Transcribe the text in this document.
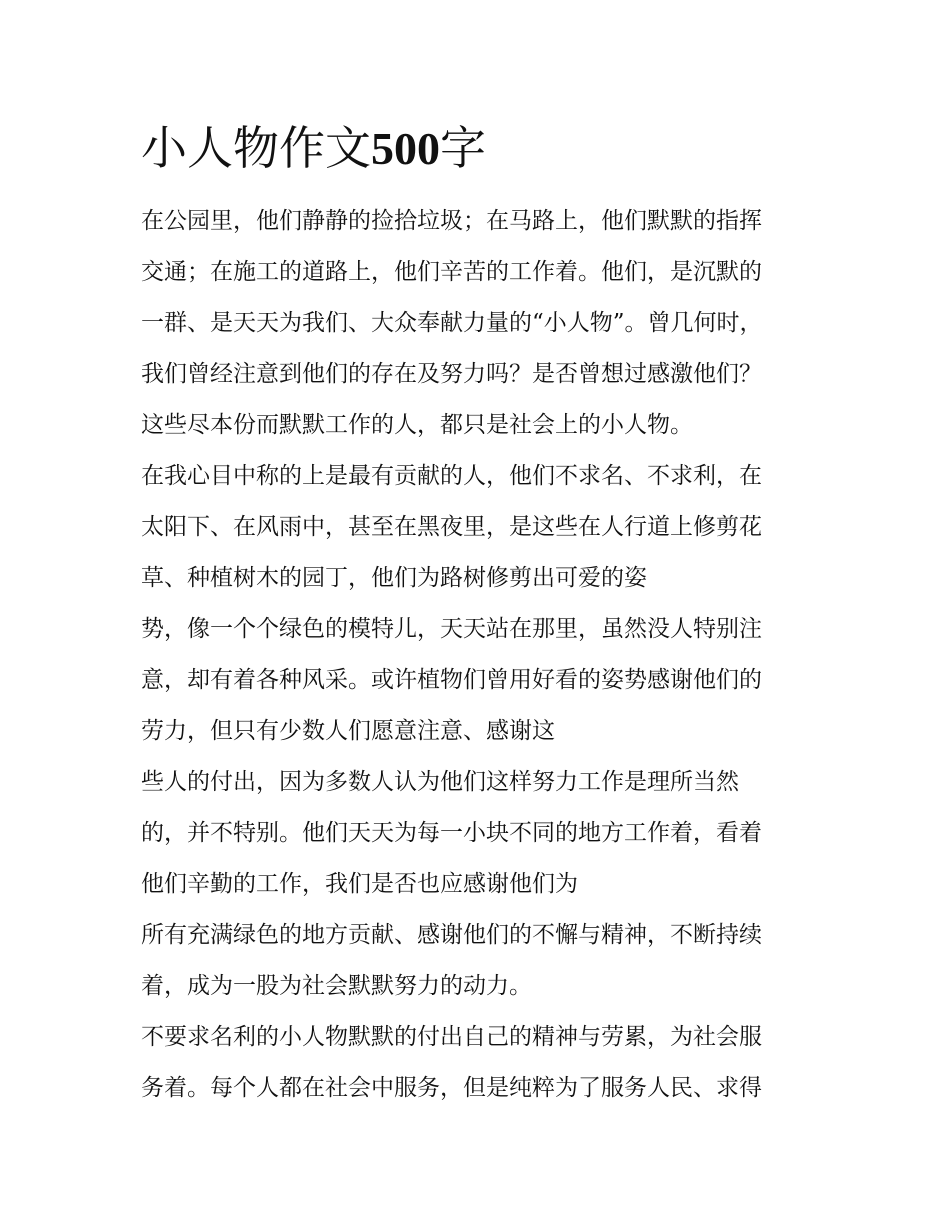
小人物作文500字

在公园里，他们静静的捡拾垃圾；在马路上，他们默默的指挥

交通；在施工的道路上，他们辛苦的工作着。他们，是沉默的

一群、是天天为我们、大众奉献力量的“小人物”。曾几何时，

我们曾经注意到他们的存在及努力吗？是否曾想过感激他们？

这些尽本份而默默工作的人，都只是社会上的小人物。

在我心目中称的上是最有贡献的人，他们不求名、不求利，在

太阳下、在风雨中，甚至在黑夜里，是这些在人行道上修剪花

草、种植树木的园丁，他们为路树修剪出可爱的姿

势，像一个个绿色的模特儿，天天站在那里，虽然没人特别注

意，却有着各种风采。或许植物们曾用好看的姿势感谢他们的

劳力，但只有少数人们愿意注意、感谢这

些人的付出，因为多数人认为他们这样努力工作是理所当然

的，并不特别。他们天天为每一小块不同的地方工作着，看着

他们辛勤的工作，我们是否也应感谢他们为

所有充满绿色的地方贡献、感谢他们的不懈与精神，不断持续

着，成为一股为社会默默努力的动力。

不要求名利的小人物默默的付出自己的精神与劳累，为社会服

务着。每个人都在社会中服务，但是纯粹为了服务人民、求得
